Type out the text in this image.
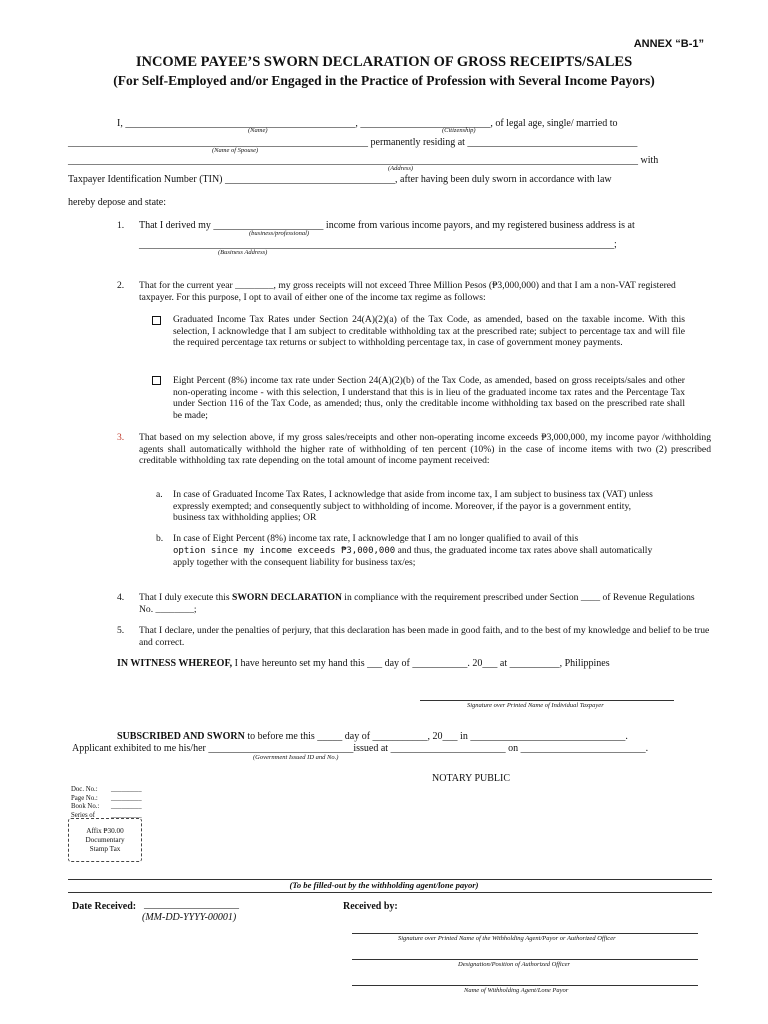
ANNEX “B-1”
INCOME PAYEE’S SWORN DECLARATION OF GROSS RECEIPTS/SALES
(For Self-Employed and/or Engaged in the Practice of Profession with Several Income Payors)
I, ______________________________________________, __________________________, of legal age, single/ married to
(Name)	(Citizenship)
____________________________________________________________ permanently residing at __________________________________
(Name of Spouse)
__________________________________________________________________________________________________________________ with
(Address)
Taxpayer Identification Number (TIN) __________________________________, after having been duly sworn in accordance with law
hereby depose and state:
1. That I derived my ______________________ income from various income payors, and my registered business address is at
(business/professional)
_______________________________________________________________________________________________;
(Business Address)
2. That for the current year ________, my gross receipts will not exceed Three Million Pesos (₱3,000,000) and that I am a non-VAT registered taxpayer. For this purpose, I opt to avail of either one of the income tax regime as follows:
Graduated Income Tax Rates under Section 24(A)(2)(a) of the Tax Code, as amended, based on the taxable income. With this selection, I acknowledge that I am subject to creditable withholding tax at the prescribed rate; subject to percentage tax and will file the required percentage tax returns or subject to withholding percentage tax, in case of government money payments.
Eight Percent (8%) income tax rate under Section 24(A)(2)(b) of the Tax Code, as amended, based on gross receipts/sales and other non-operating income - with this selection, I understand that this is in lieu of the graduated income tax rates and the Percentage Tax under Section 116 of the Tax Code, as amended; thus, only the creditable income withholding tax based on the prescribed rate shall be made;
3. That based on my selection above, if my gross sales/receipts and other non-operating income exceeds ₱3,000,000, my income payor /withholding agents shall automatically withhold the higher rate of withholding of ten percent (10%) in the case of income items with two (2) prescribed creditable withholding tax rate depending on the total amount of income payment received:
a. In case of Graduated Income Tax Rates, I acknowledge that aside from income tax, I am subject to business tax (VAT) unless expressly exempted; and consequently subject to withholding of income. Moreover, if the payor is a government entity, business tax withholding applies; OR
b. In case of Eight Percent (8%) income tax rate, I acknowledge that I am no longer qualified to avail of this
option since my income exceeds ₱3,000,000 and thus, the graduated income tax rates above shall automatically apply together with the consequent liability for business tax/es;
4. That I duly execute this SWORN DECLARATION in compliance with the requirement prescribed under Section ____ of Revenue Regulations No. ________;
5. That I declare, under the penalties of perjury, that this declaration has been made in good faith, and to the best of my knowledge and belief to be true and correct.
IN WITNESS WHEREOF, I have hereunto set my hand this ___ day of ___________. 20___ at __________, Philippines
Signature over Printed Name of Individual Taxpayer
SUBSCRIBED AND SWORN to before me this _____ day of ___________, 20___ in _______________________________.
Applicant exhibited to me his/her _____________________________issued at _______________________ on _________________________.
(Government Issued ID and No.)
NOTARY PUBLIC
Doc. No.: _________
Page No.: _________
Book No.: _________
Series of _________
Affix ₱30.00
Documentary
Stamp Tax
(To be filled-out by the withholding agent/lone payor)
Date Received: ___________________
(MM-DD-YYYY-00001)
Received by:
Signature over Printed Name of the Withholding Agent/Payor or Authorized Officer
Designation/Position of Authorized Officer
Name of Withholding Agent/Lone Payor
